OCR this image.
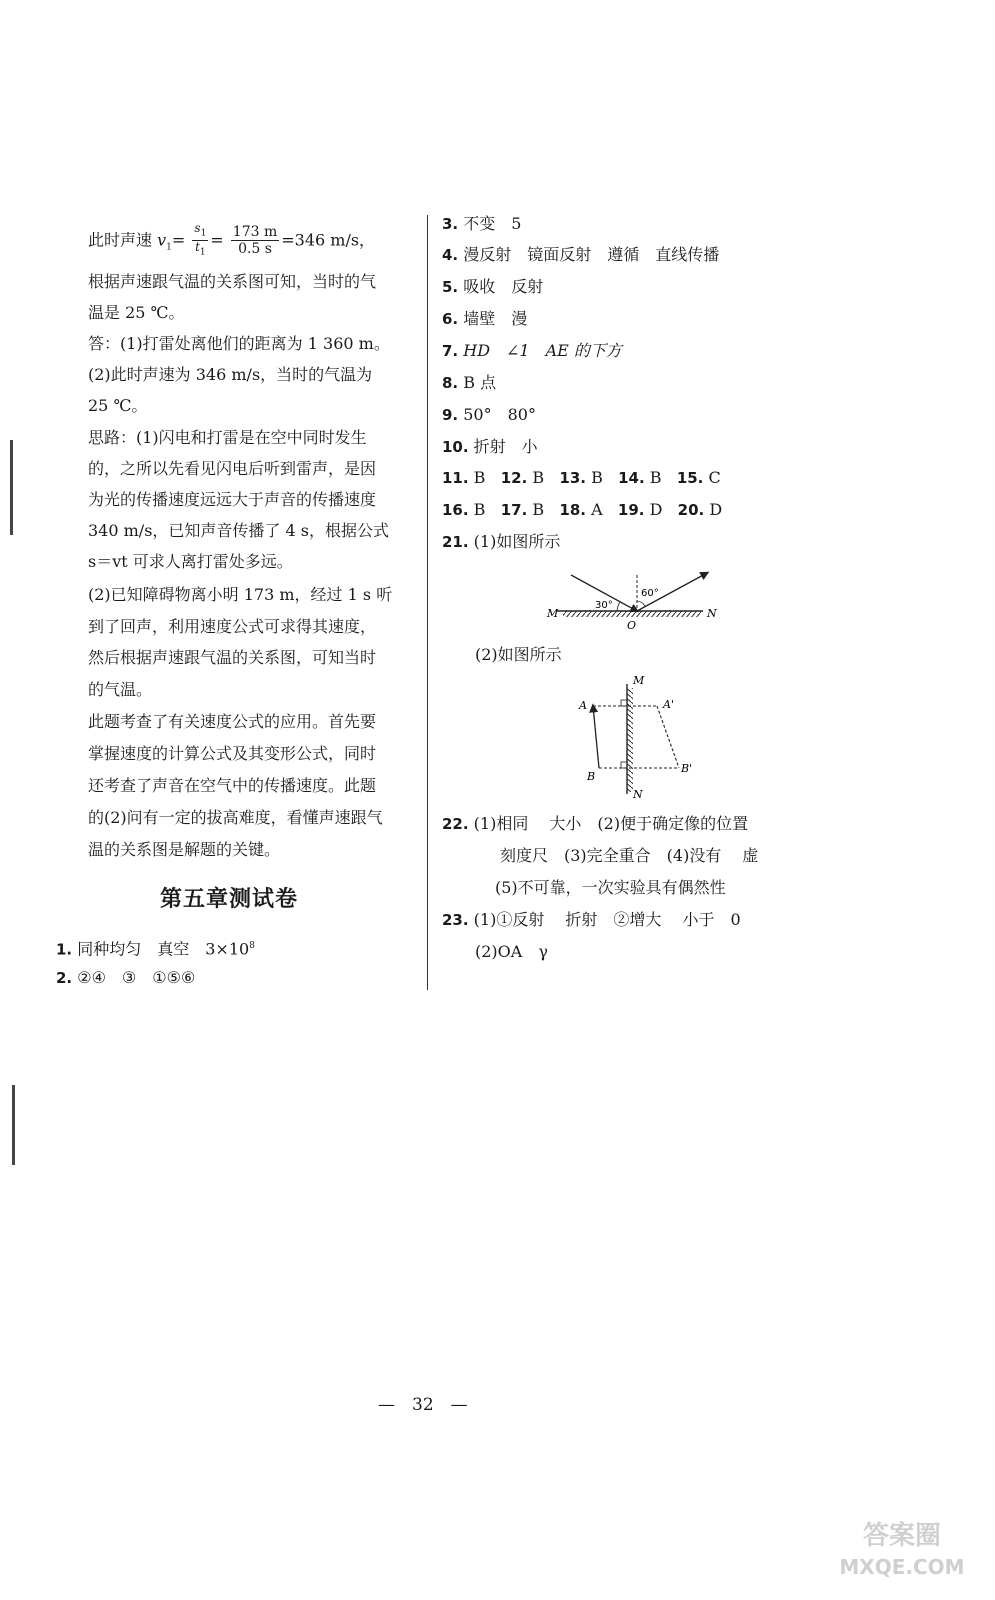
此时声速 $v_1= \frac{s_1}{t_1} = \frac{173 m}{0.5 s} =346$ m/s，
根据声速跟气温的关系图可知，当时的气
温是 25 ℃。
答：(1)打雷处离他们的距离为 1 360 m。
(2)此时声速为 346 m/s，当时的气温为
25 ℃。
思路：(1)闪电和打雷是在空中同时发生
的，之所以先看见闪电后听到雷声，是因
为光的传播速度远远大于声音的传播速度
340 m/s，已知声音传播了 4 s，根据公式
s＝vt 可求人离打雷处多远。
(2)已知障碍物离小明 173 m，经过 1 s 听
到了回声，利用速度公式可求得其速度，
然后根据声速跟气温的关系图，可知当时
的气温。
此题考查了有关速度公式的应用。首先要
掌握速度的计算公式及其变形公式，同时
还考查了声音在空气中的传播速度。此题
的(2)问有一定的拔高难度，看懂声速跟气
温的关系图是解题的关键。
第五章测试卷
1. 同种均匀　真空　$3\times 10^8$
2. ②④　③　①⑤⑥
3. 不变　5
4. 漫反射　镜面反射　遵循　直线传播
5. 吸收　反射
6. 墙壁　漫
7. HD　∠1　AE 的下方
8. B 点
9. 50°　80°
10. 折射　小
11. B 12. B 13. B 14. B 15. C
16. B 17. B 18. A 19. D 20. D
21. (1)如图所示
M	N
O
30°
60°
(2)如图所示
M
N
A	A'
B
B'
22. (1)相同　 大小　(2)便于确定像的位置
刻度尺　(3)完全重合　(4)没有　 虚
(5)不可靠，一次实验具有偶然性
23. (1)①反射　 折射　②增大　 小于　0
(2)OA　γ
—　32　—
答案圈 MXQE.COM
